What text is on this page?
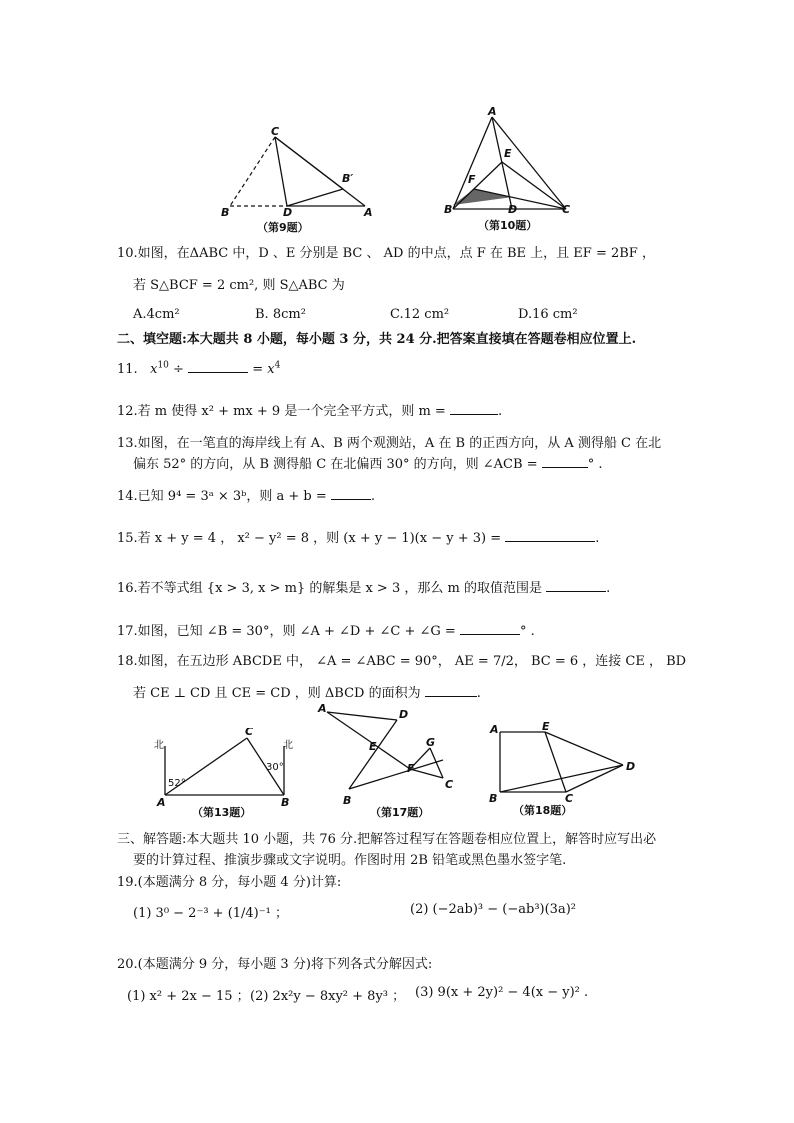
C
B′
B	D	A
（第9题）
A
E
F
B	D	C
（第10题）
10.如图，在ΔABC 中，D 、E 分别是 BC 、 AD 的中点，点 F 在 BE 上，且 EF = 2BF ，
若 S△BCF = 2 cm², 则 S△ABC 为
A.4cm²	B. 8cm²	C.12 cm²	D.16 cm²
二、填空题:本大题共 8 小题，每小题 3 分，共 24 分.把答案直接填在答题卷相应位置上.
11. $x^{10}$ ÷	= $x^4$
12.若 m 使得 x² + mx + 9 是一个完全平方式，则 m =	.
13.如图，在一笔直的海岸线上有 A、B 两个观测站，A 在 B 的正西方向，从 A 测得船 C 在北
偏东 52° 的方向，从 B 测得船 C 在北偏西 30° 的方向，则 ∠ACB =	° .
14.已知 9⁴ = 3ᵃ × 3ᵇ，则 a + b =	.
15.若 x + y = 4 ， x² − y² = 8 ，则 (x + y − 1)(x − y + 3) =	.
16.若不等式组 {x > 3, x > m} 的解集是 x > 3 ，那么 m 的取值范围是	.
17.如图，已知 ∠B = 30°，则 ∠A + ∠D + ∠C + ∠G =	° .
18.如图，在五边形 ABCDE 中， ∠A = ∠ABC = 90°， AE = 7/2， BC = 6 ，连接 CE ， BD
若 CE ⊥ CD 且 CE = CD ，则 ΔBCD 的面积为	.
北	北
52°
30°
A	B
C
（第13题）
A	D
E	G
F
C
B
（第17题）
A	E
D
B	C
（第18题）
三、解答题:本大题共 10 小题，共 76 分.把解答过程写在答题卷相应位置上，解答时应写出必
要的计算过程、推演步骤或文字说明。作图时用 2B 铅笔或黑色墨水签字笔.
19.(本题满分 8 分，每小题 4 分)计算:
(1) 3⁰ − 2⁻³ + (1/4)⁻¹ ；	(2) (−2ab)³ − (−ab³)(3a)²
20.(本题满分 9 分，每小题 3 分)将下列各式分解因式:
(1) x² + 2x − 15 ； (2) 2x²y − 8xy² + 8y³ ； (3) 9(x + 2y)² − 4(x − y)² .
